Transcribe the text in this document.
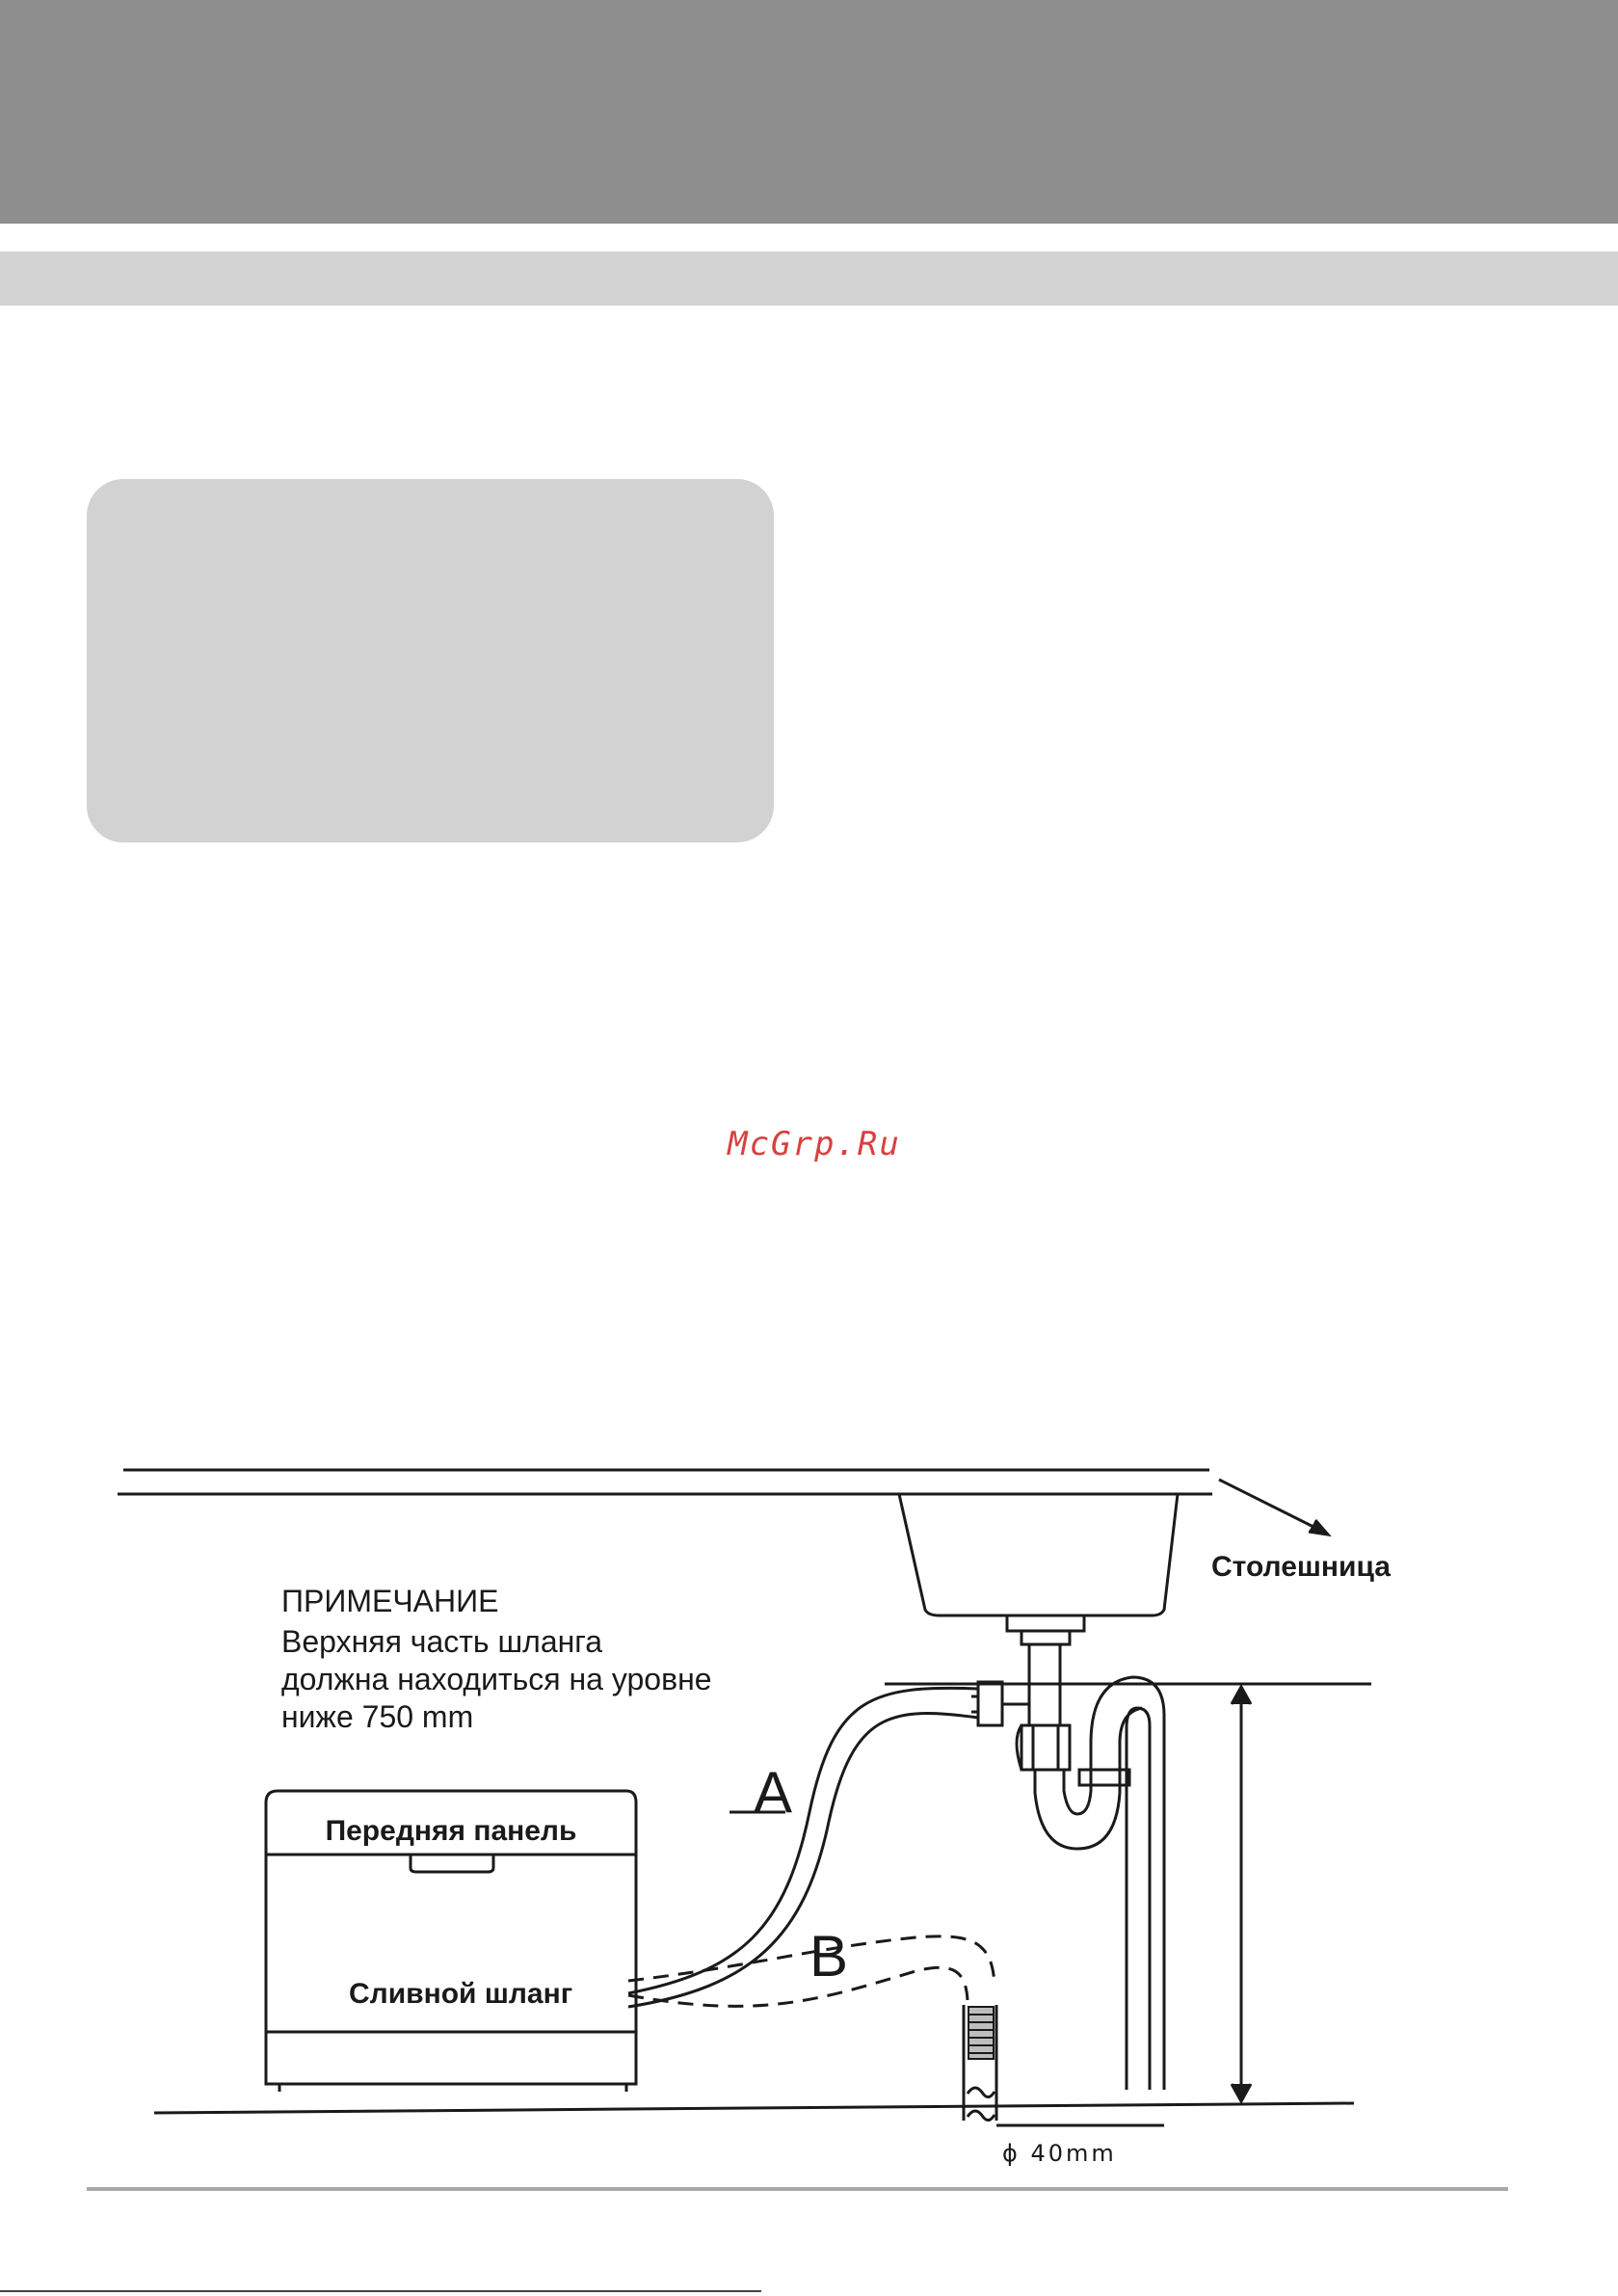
McGrp.Ru
ПРИМЕЧАНИЕ
Верхняя часть шланга
должна находиться на уровне
ниже 750 mm
Столешница
Передняя панель
Сливной шланг
A
B
ϕ 40mm
